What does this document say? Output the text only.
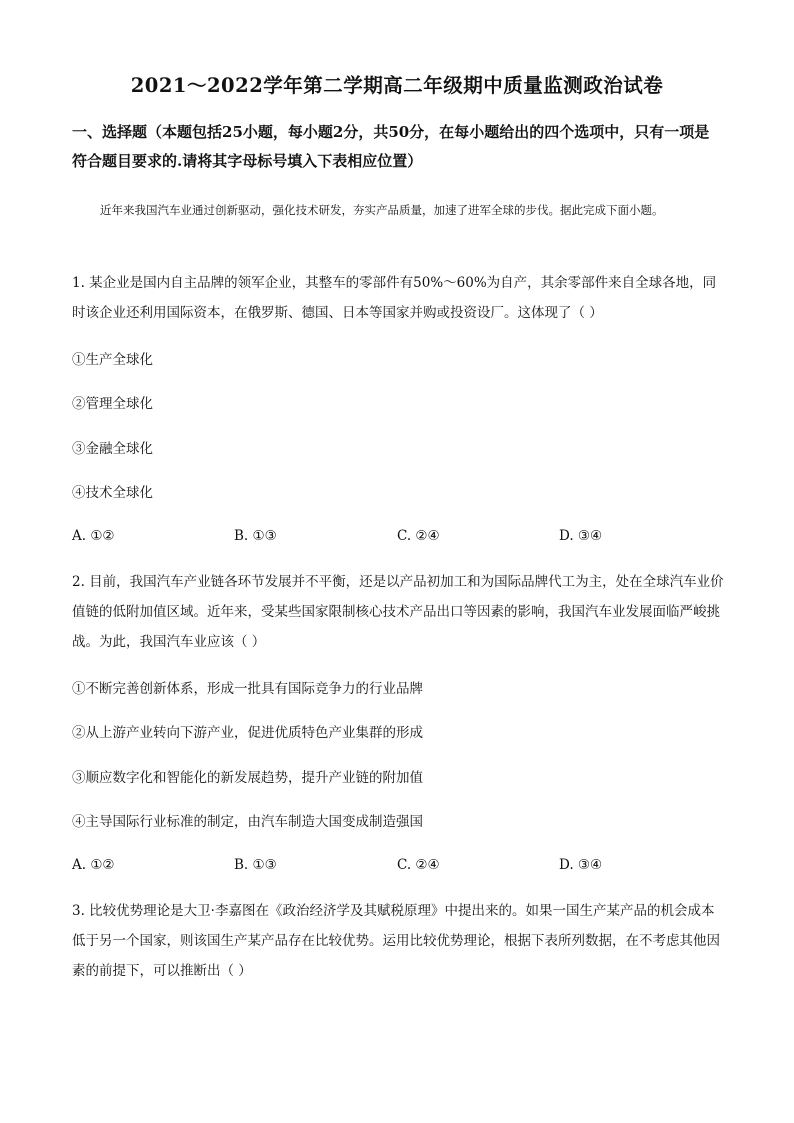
2021～2022学年第二学期高二年级期中质量监测政治试卷
一、选择题（本题包括25小题，每小题2分，共50分，在每小题给出的四个选项中，只有一项是符合题目要求的.请将其字母标号填入下表相应位置）
近年来我国汽车业通过创新驱动，强化技术研发，夯实产品质量，加速了进军全球的步伐。据此完成下面小题。
1. 某企业是国内自主品牌的领军企业，其整车的零部件有50%～60%为自产，其余零部件来自全球各地，同时该企业还利用国际资本，在俄罗斯、德国、日本等国家并购或投资设厂。这体现了（ ）
①生产全球化
②管理全球化
③金融全球化
④技术全球化
A. ①②	B. ①③	C. ②④	D. ③④
2. 目前，我国汽车产业链各环节发展并不平衡，还是以产品初加工和为国际品牌代工为主，处在全球汽车业价值链的低附加值区域。近年来，受某些国家限制核心技术产品出口等因素的影响，我国汽车业发展面临严峻挑战。为此，我国汽车业应该（ ）
①不断完善创新体系，形成一批具有国际竞争力的行业品牌
②从上游产业转向下游产业，促进优质特色产业集群的形成
③顺应数字化和智能化的新发展趋势，提升产业链的附加值
④主导国际行业标准的制定，由汽车制造大国变成制造强国
A. ①②	B. ①③	C. ②④	D. ③④
3. 比较优势理论是大卫·李嘉图在《政治经济学及其赋税原理》中提出来的。如果一国生产某产品的机会成本低于另一个国家，则该国生产某产品存在比较优势。运用比较优势理论，根据下表所列数据，在不考虑其他因素的前提下，可以推断出（ ）
